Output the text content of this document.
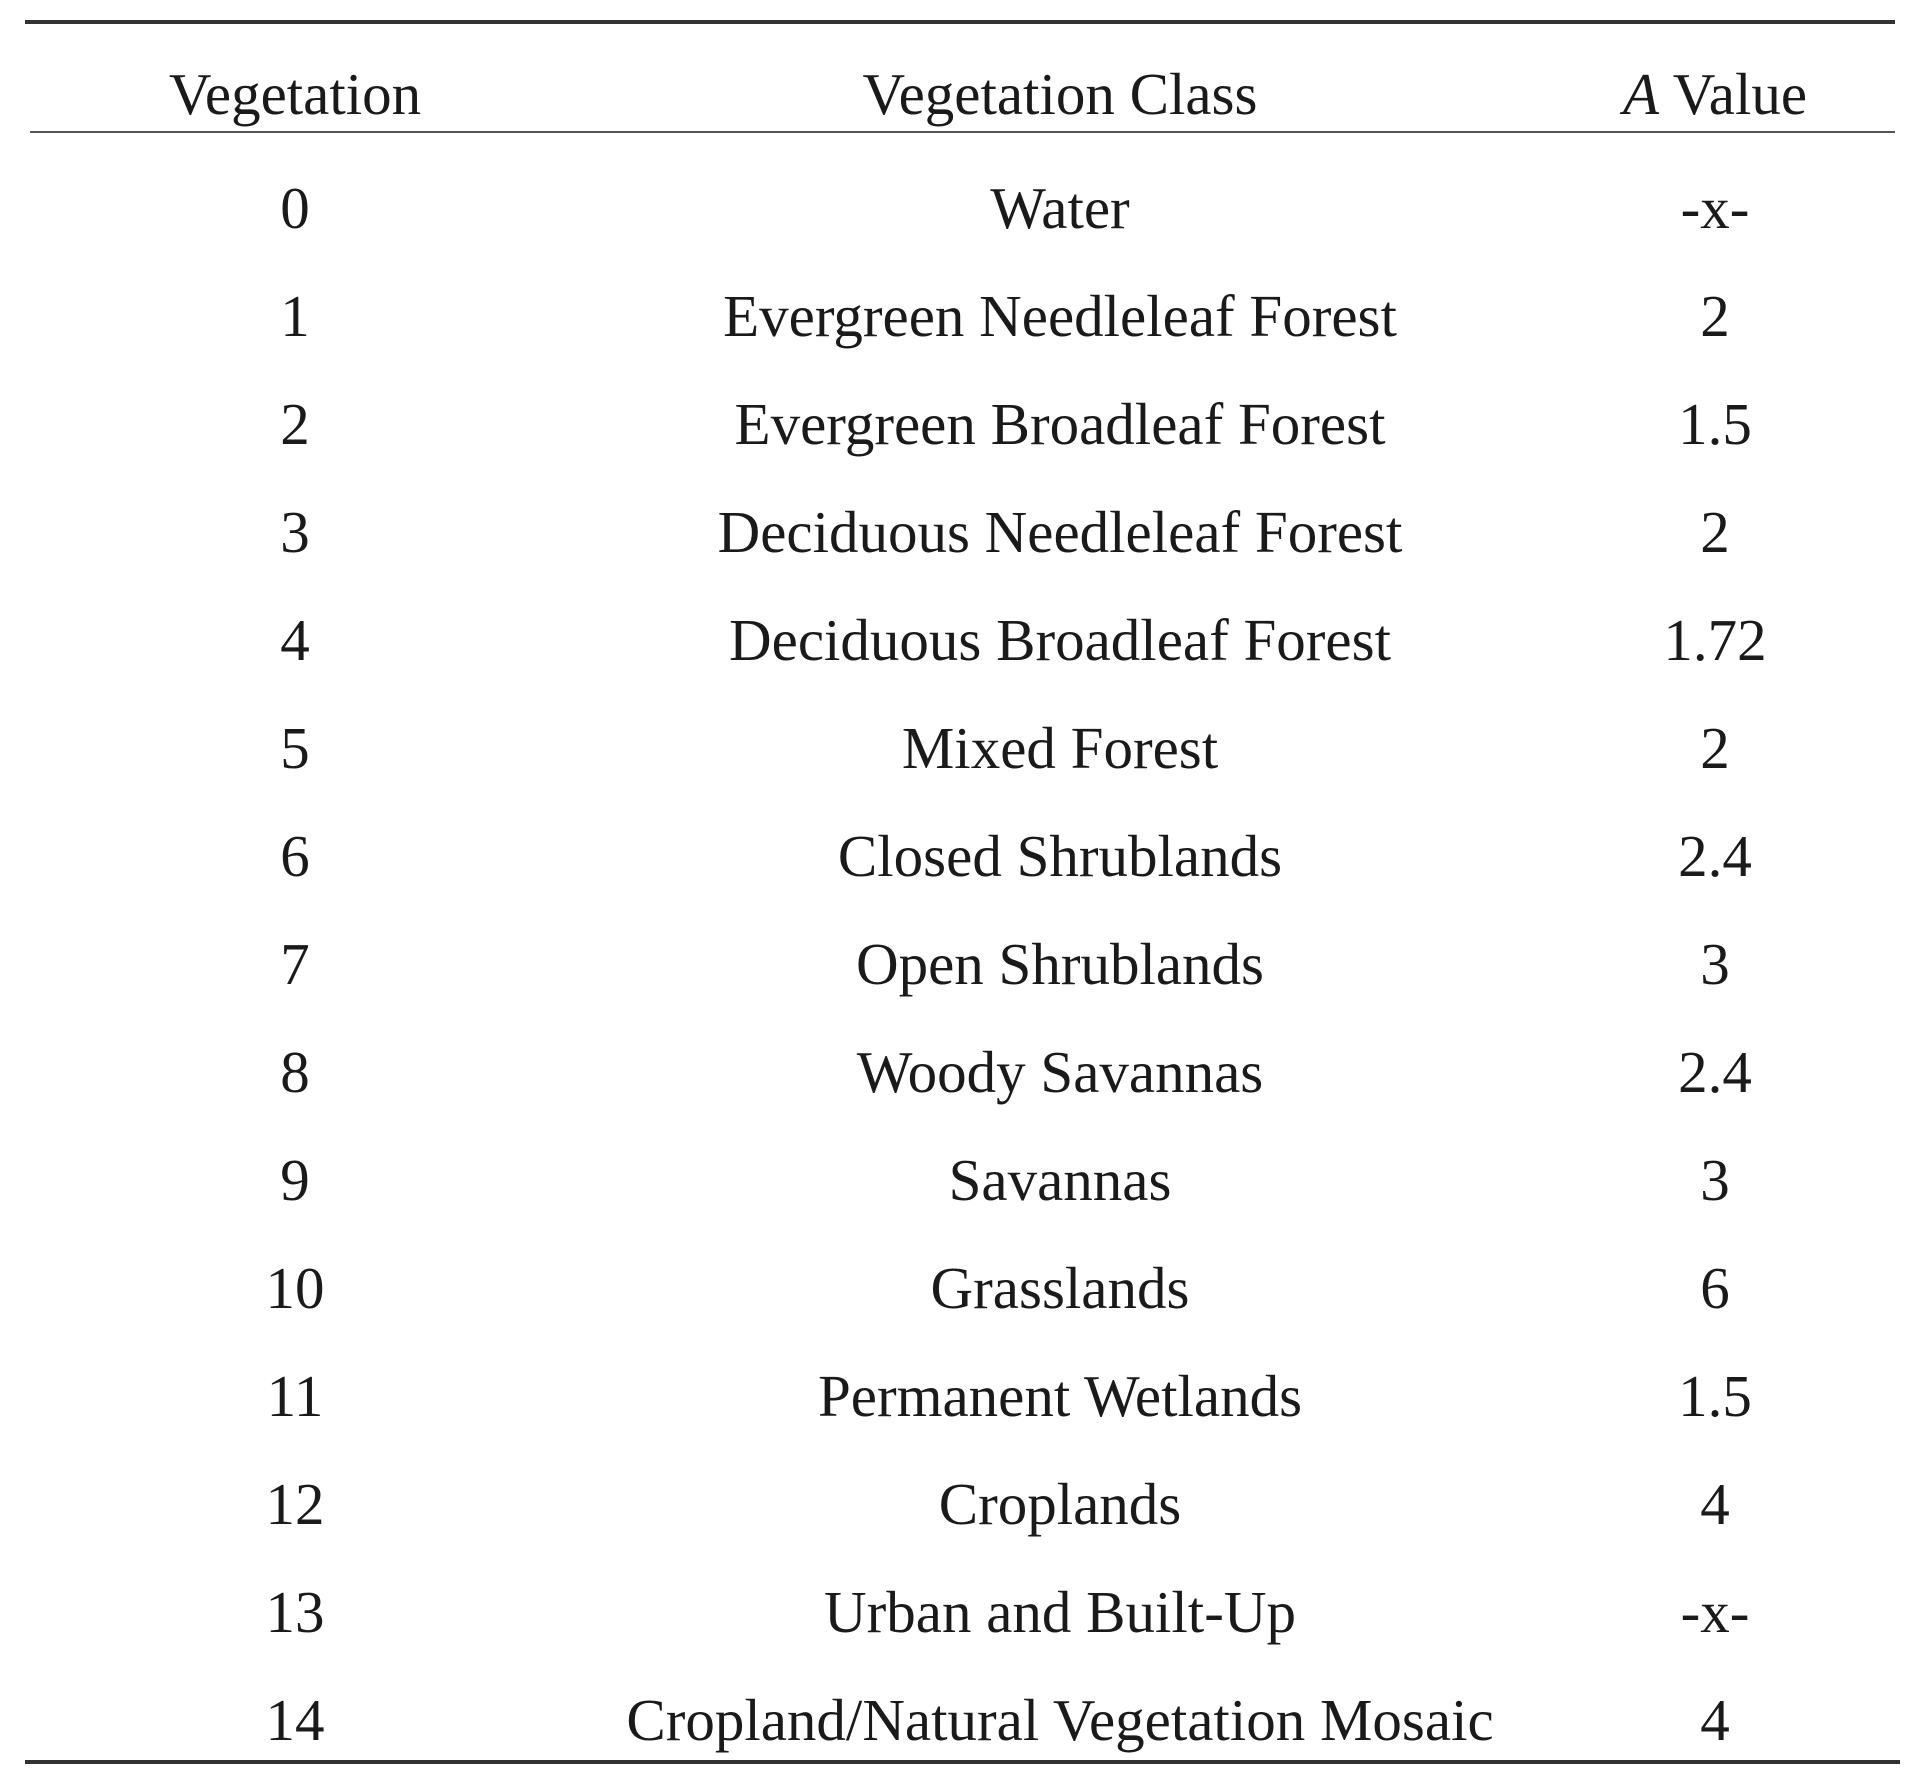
Vegetation	Vegetation Class	A Value
0	Water	-x-
1	Evergreen Needleleaf Forest	2
2	Evergreen Broadleaf Forest	1.5
3	Deciduous Needleleaf Forest	2
4	Deciduous Broadleaf Forest	1.72
5	Mixed Forest	2
6	Closed Shrublands	2.4
7	Open Shrublands	3
8	Woody Savannas	2.4
9	Savannas	3
10	Grasslands	6
11	Permanent Wetlands	1.5
12	Croplands	4
13	Urban and Built-Up	-x-
14	Cropland/Natural Vegetation Mosaic	4
